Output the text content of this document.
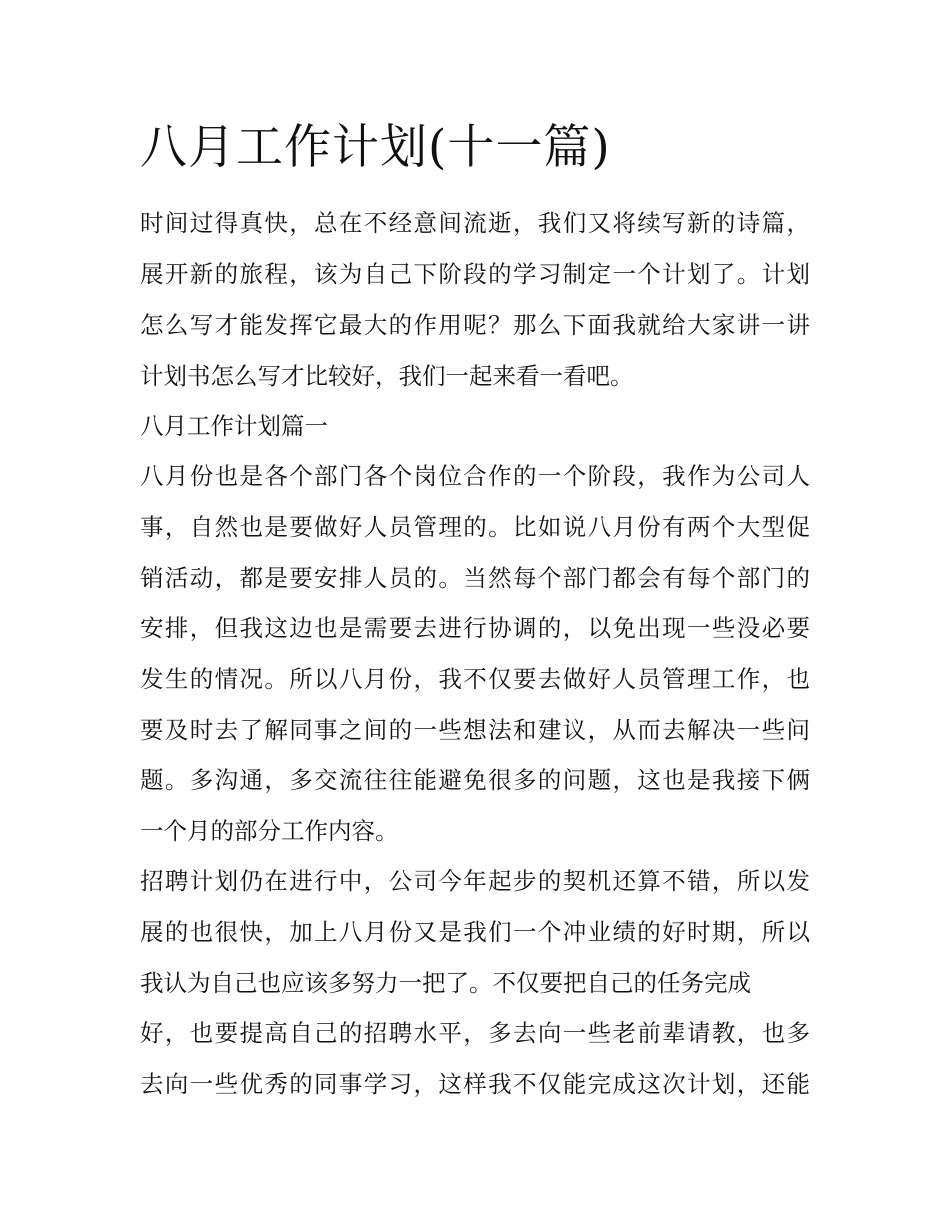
八月工作计划(十一篇)
时间过得真快，总在不经意间流逝，我们又将续写新的诗篇，
展开新的旅程，该为自己下阶段的学习制定一个计划了。计划
怎么写才能发挥它最大的作用呢？那么下面我就给大家讲一讲
计划书怎么写才比较好，我们一起来看一看吧。
八月工作计划篇一
八月份也是各个部门各个岗位合作的一个阶段，我作为公司人
事，自然也是要做好人员管理的。比如说八月份有两个大型促
销活动，都是要安排人员的。当然每个部门都会有每个部门的
安排，但我这边也是需要去进行协调的，以免出现一些没必要
发生的情况。所以八月份，我不仅要去做好人员管理工作，也
要及时去了解同事之间的一些想法和建议，从而去解决一些问
题。多沟通，多交流往往能避免很多的问题，这也是我接下俩
一个月的部分工作内容。
招聘计划仍在进行中，公司今年起步的契机还算不错，所以发
展的也很快，加上八月份又是我们一个冲业绩的好时期，所以
我认为自己也应该多努力一把了。不仅要把自己的任务完成
好，也要提高自己的招聘水平，多去向一些老前辈请教，也多
去向一些优秀的同事学习，这样我不仅能完成这次计划，还能
